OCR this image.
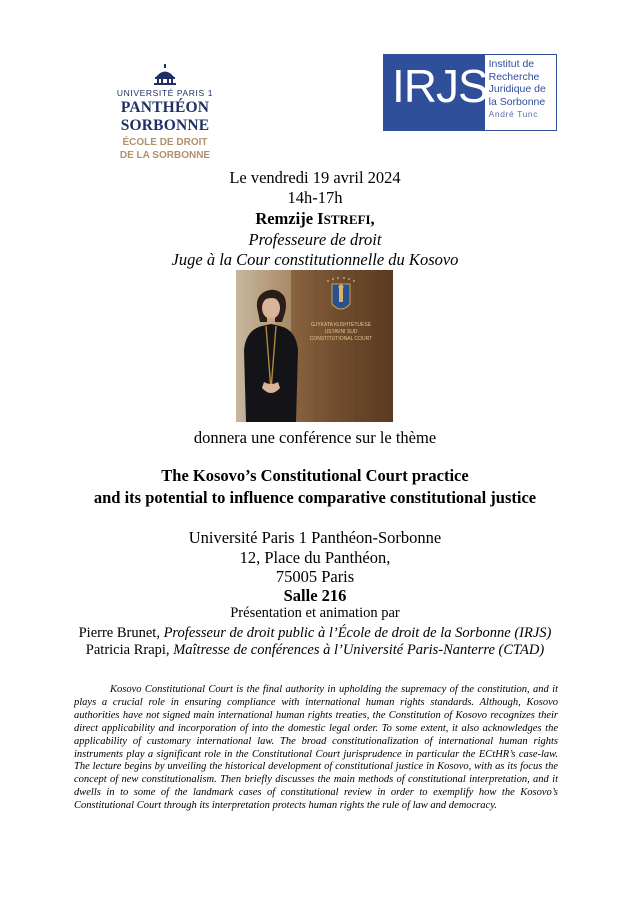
UNIVERSITÉ PARIS 1
PANTHÉON SORBONNE
ÉCOLE DE DROIT
DE LA SORBONNE
IRJS Institut de
Recherche
Juridique de
la Sorbonne
André Tunc
Le vendredi 19 avril 2024
14h-17h
Remzije ISTREFI,
Professeure de droit
Juge à la Cour constitutionnelle du Kosovo
GJYKATA KUSHTETUESE
USTAVNI SUD
CONSTITUTIONAL COURT
donnera une conférence sur le thème
The Kosovo’s Constitutional Court practice
and its potential to influence comparative constitutional justice
Université Paris 1 Panthéon-Sorbonne
12, Place du Panthéon,
75005 Paris
Salle 216
Présentation et animation par
Pierre Brunet, Professeur de droit public à l’École de droit de la Sorbonne (IRJS)
Patricia Rrapi, Maîtresse de conférences à l’Université Paris-Nanterre (CTAD)
Kosovo Constitutional Court is the final authority in upholding the supremacy of the constitution, and it plays a crucial role in ensuring compliance with international human rights standards. Although, Kosovo authorities have not signed main international human rights treaties, the Constitution of Kosovo recognizes their direct applicability and incorporation of into the domestic legal order. To some extent, it also acknowledges the applicability of customary international law. The broad constitutionalization of international human rights instruments play a significant role in the Constitutional Court jurisprudence in particular the ECtHR’s case-law. The lecture begins by unveiling the historical development of constitutional justice in Kosovo, with as its focus the concept of new constitutionalism. Then briefly discusses the main methods of constitutional interpretation, and it dwells in to some of the landmark cases of constitutional review in order to exemplify how the Kosovo’s Constitutional Court through its interpretation protects human rights the rule of law and democracy.
